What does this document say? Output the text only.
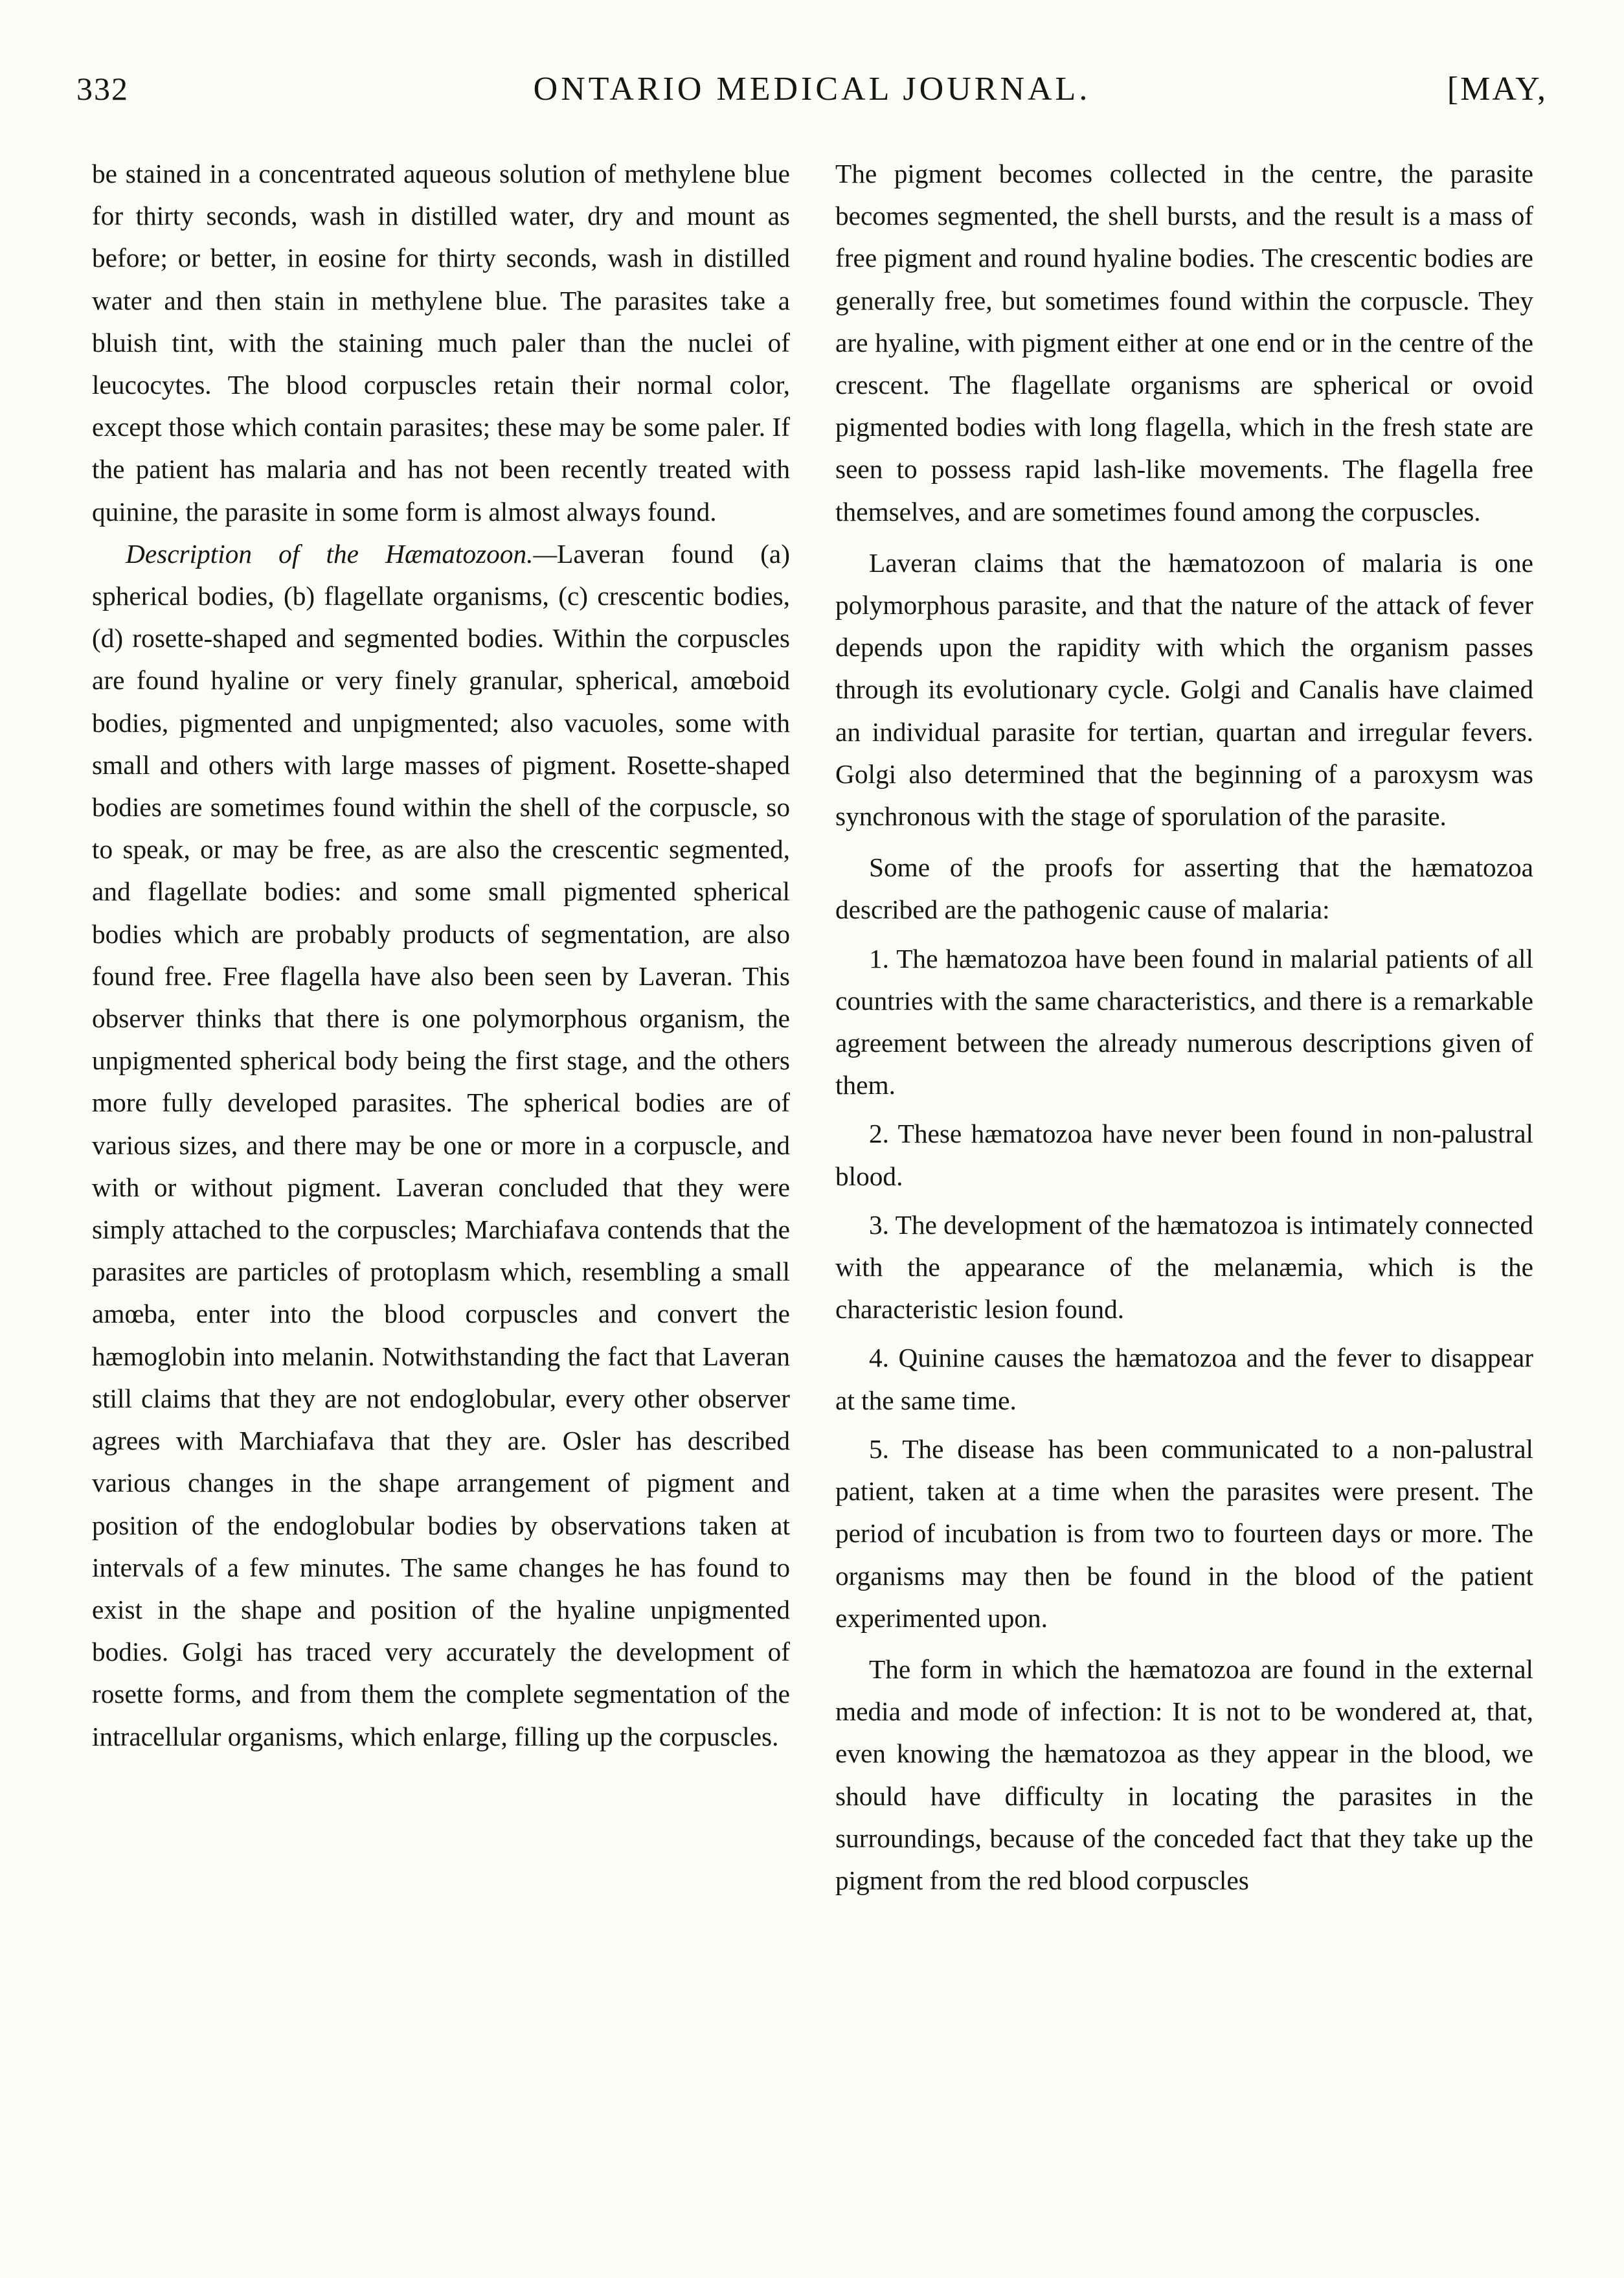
ONTARIO MEDICAL JOURNAL.
332	[MAY,

be stained in a concentrated aqueous solution of methylene blue for thirty seconds, wash in distilled water, dry and mount as before; or better, in eosine for thirty seconds, wash in distilled water and then stain in methylene blue. The parasites take a bluish tint, with the staining much paler than the nuclei of leucocytes. The blood corpuscles retain their normal color, except those which contain parasites; these may be some paler. If the patient has malaria and has not been recently treated with quinine, the parasite in some form is almost always found.

Description of the Hæmatozoon.—Laveran found (a) spherical bodies, (b) flagellate organisms, (c) crescentic bodies, (d) rosette-shaped and segmented bodies. Within the corpuscles are found hyaline or very finely granular, spherical, amœboid bodies, pigmented and unpigmented; also vacuoles, some with small and others with large masses of pigment. Rosette-shaped bodies are sometimes found within the shell of the corpuscle, so to speak, or may be free, as are also the crescentic segmented, and flagellate bodies: and some small pigmented spherical bodies which are probably products of segmentation, are also found free. Free flagella have also been seen by Laveran. This observer thinks that there is one polymorphous organism, the unpigmented spherical body being the first stage, and the others more fully developed parasites. The spherical bodies are of various sizes, and there may be one or more in a corpuscle, and with or without pigment. Laveran concluded that they were simply attached to the corpuscles; Marchiafava contends that the parasites are particles of protoplasm which, resembling a small amœba, enter into the blood corpuscles and convert the hæmoglobin into melanin. Notwithstanding the fact that Laveran still claims that they are not endoglobular, every other observer agrees with Marchiafava that they are. Osler has described various changes in the shape arrangement of pigment and position of the endoglobular bodies by observations taken at intervals of a few minutes. The same changes he has found to exist in the shape and position of the hyaline unpigmented bodies. Golgi has traced very accurately the development of rosette forms, and from them the complete segmentation of the intracellular organisms, which enlarge, filling up the corpuscles.

The pigment becomes collected in the centre, the parasite becomes segmented, the shell bursts, and the result is a mass of free pigment and round hyaline bodies. The crescentic bodies are generally free, but sometimes found within the corpuscle. They are hyaline, with pigment either at one end or in the centre of the crescent. The flagellate organisms are spherical or ovoid pigmented bodies with long flagella, which in the fresh state are seen to possess rapid lash-like movements. The flagella free themselves, and are sometimes found among the corpuscles.

Laveran claims that the hæmatozoon of malaria is one polymorphous parasite, and that the nature of the attack of fever depends upon the rapidity with which the organism passes through its evolutionary cycle. Golgi and Canalis have claimed an individual parasite for tertian, quartan and irregular fevers. Golgi also determined that the beginning of a paroxysm was synchronous with the stage of sporulation of the parasite.

Some of the proofs for asserting that the hæmatozoa described are the pathogenic cause of malaria:

1. The hæmatozoa have been found in malarial patients of all countries with the same characteristics, and there is a remarkable agreement between the already numerous descriptions given of them.

2. These hæmatozoa have never been found in non-palustral blood.

3. The development of the hæmatozoa is intimately connected with the appearance of the melanæmia, which is the characteristic lesion found.

4. Quinine causes the hæmatozoa and the fever to disappear at the same time.

5. The disease has been communicated to a non-palustral patient, taken at a time when the parasites were present. The period of incubation is from two to fourteen days or more. The organisms may then be found in the blood of the patient experimented upon.

The form in which the hæmatozoa are found in the external media and mode of infection: It is not to be wondered at, that, even knowing the hæmatozoa as they appear in the blood, we should have difficulty in locating the parasites in the surroundings, because of the conceded fact that they take up the pigment from the red blood corpuscles
